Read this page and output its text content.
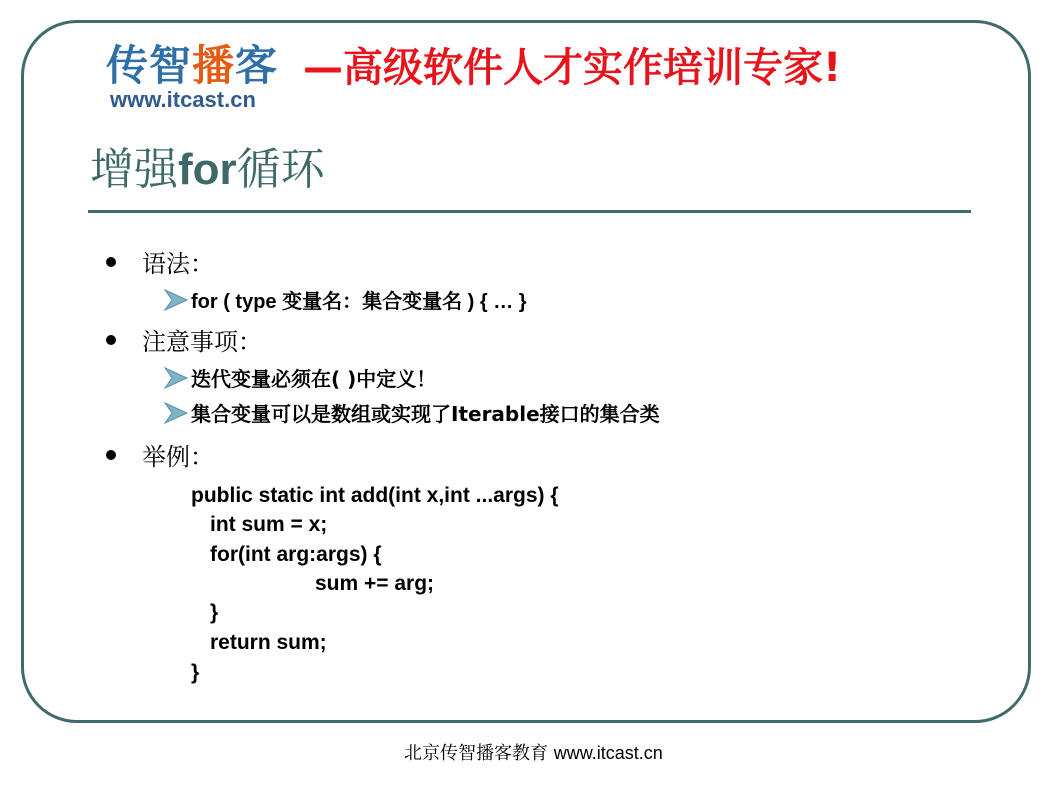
传智播客
www.itcast.cn
—高级软件人才实作培训专家!
增强for循环
语法：
for ( type 变量名：集合变量名 ) { … }
注意事项：
迭代变量必须在( )中定义！
集合变量可以是数组或实现了Iterable接口的集合类
举例：
public static int add(int x,int ...args) {
int sum = x;
for(int arg:args) {
sum += arg;
}
return sum;
}
北京传智播客教育 www.itcast.cn
